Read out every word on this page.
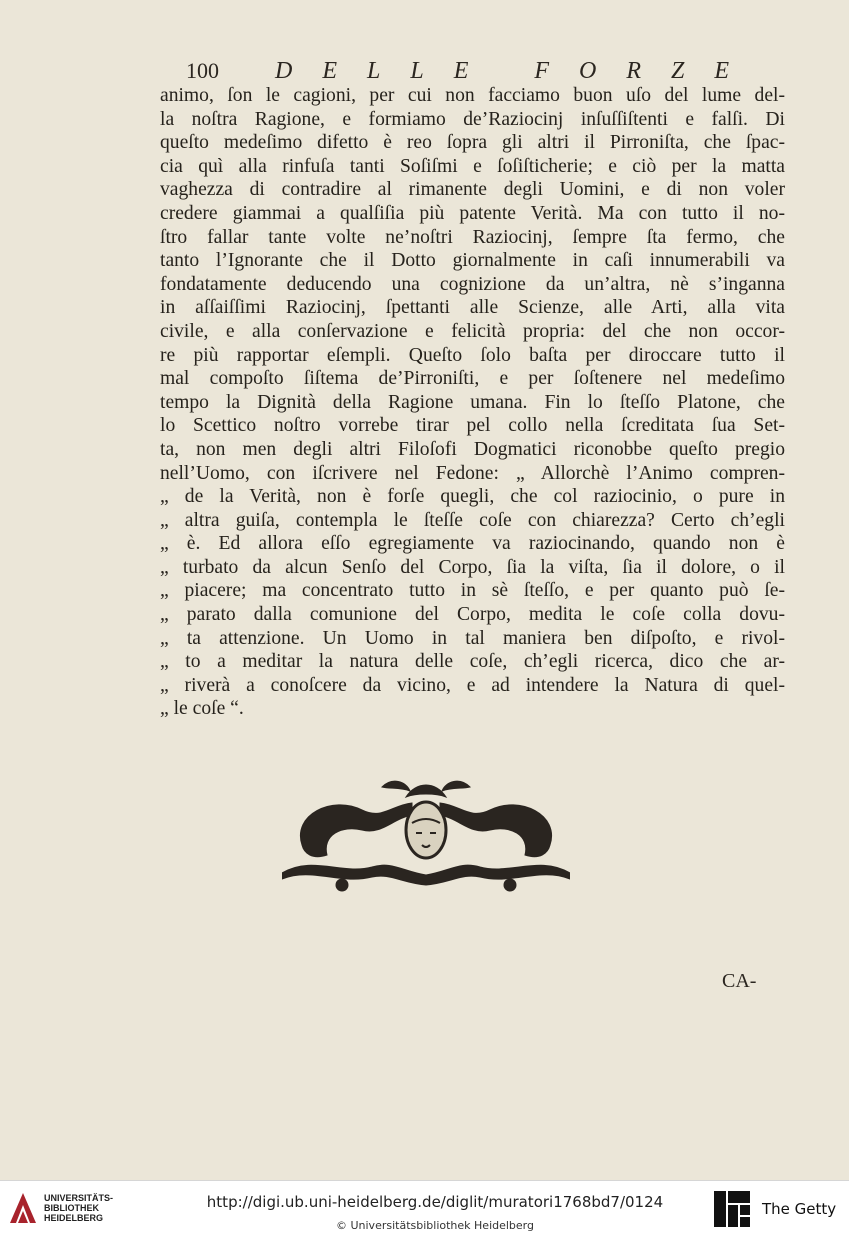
100 DELLE FORZE
animo, ſon le cagioni, per cui non facciamo buon uſo del lume del-
la noſtra Ragione, e formiamo de’Raziocinj inſuſſiſtenti e falſi. Di
queſto medeſimo difetto è reo ſopra gli altri il Pirroniſta, che ſpac-
cia quì alla rinfuſa tanti Soſiſmi e ſoſiſticherie; e ciò per la matta
vaghezza di contradire al rimanente degli Uomini, e di non voler
credere giammai a qualſiſia più patente Verità. Ma con tutto il no-
ſtro fallar tante volte ne’noſtri Raziocinj, ſempre ſta fermo, che
tanto l’Ignorante che il Dotto giornalmente in caſi innumerabili va
fondatamente deducendo una cognizione da un’altra, nè s’inganna
in aſſaiſſimi Raziocinj, ſpettanti alle Scienze, alle Arti, alla vita
civile, e alla conſervazione e felicità propria: del che non occor-
re più rapportar eſempli. Queſto ſolo baſta per diroccare tutto il
mal compoſto ſiſtema de’Pirroniſti, e per ſoſtenere nel medeſimo
tempo la Dignità della Ragione umana. Fin lo ſteſſo Platone, che
lo Scettico noſtro vorrebe tirar pel collo nella ſcreditata ſua Set-
ta, non men degli altri Filoſofi Dogmatici riconobbe queſto pregio
nell’Uomo, con iſcrivere nel Fedone: „ Allorchè l’Animo compren-
„ de la Verità, non è forſe quegli, che col raziocinio, o pure in
„ altra guiſa, contempla le ſteſſe coſe con chiarezza? Certo ch’egli
„ è. Ed allora eſſo egregiamente va raziocinando, quando non è
„ turbato da alcun Senſo del Corpo, ſia la viſta, ſia il dolore, o il
„ piacere; ma concentrato tutto in sè ſteſſo, e per quanto può ſe-
„ parato dalla comunione del Corpo, medita le coſe colla dovu-
„ ta attenzione. Un Uomo in tal maniera ben diſpoſto, e rivol-
„ to a meditar la natura delle coſe, ch’egli ricerca, dico che ar-
„ riverà a conoſcere da vicino, e ad intendere la Natura di quel-
„ le coſe “.
CA-
UNIVERSITÄTS-
BIBLIOTHEK
HEIDELBERG
http://digi.ub.uni-heidelberg.de/diglit/muratori1768bd7/0124
© Universitätsbibliothek Heidelberg
The Getty
